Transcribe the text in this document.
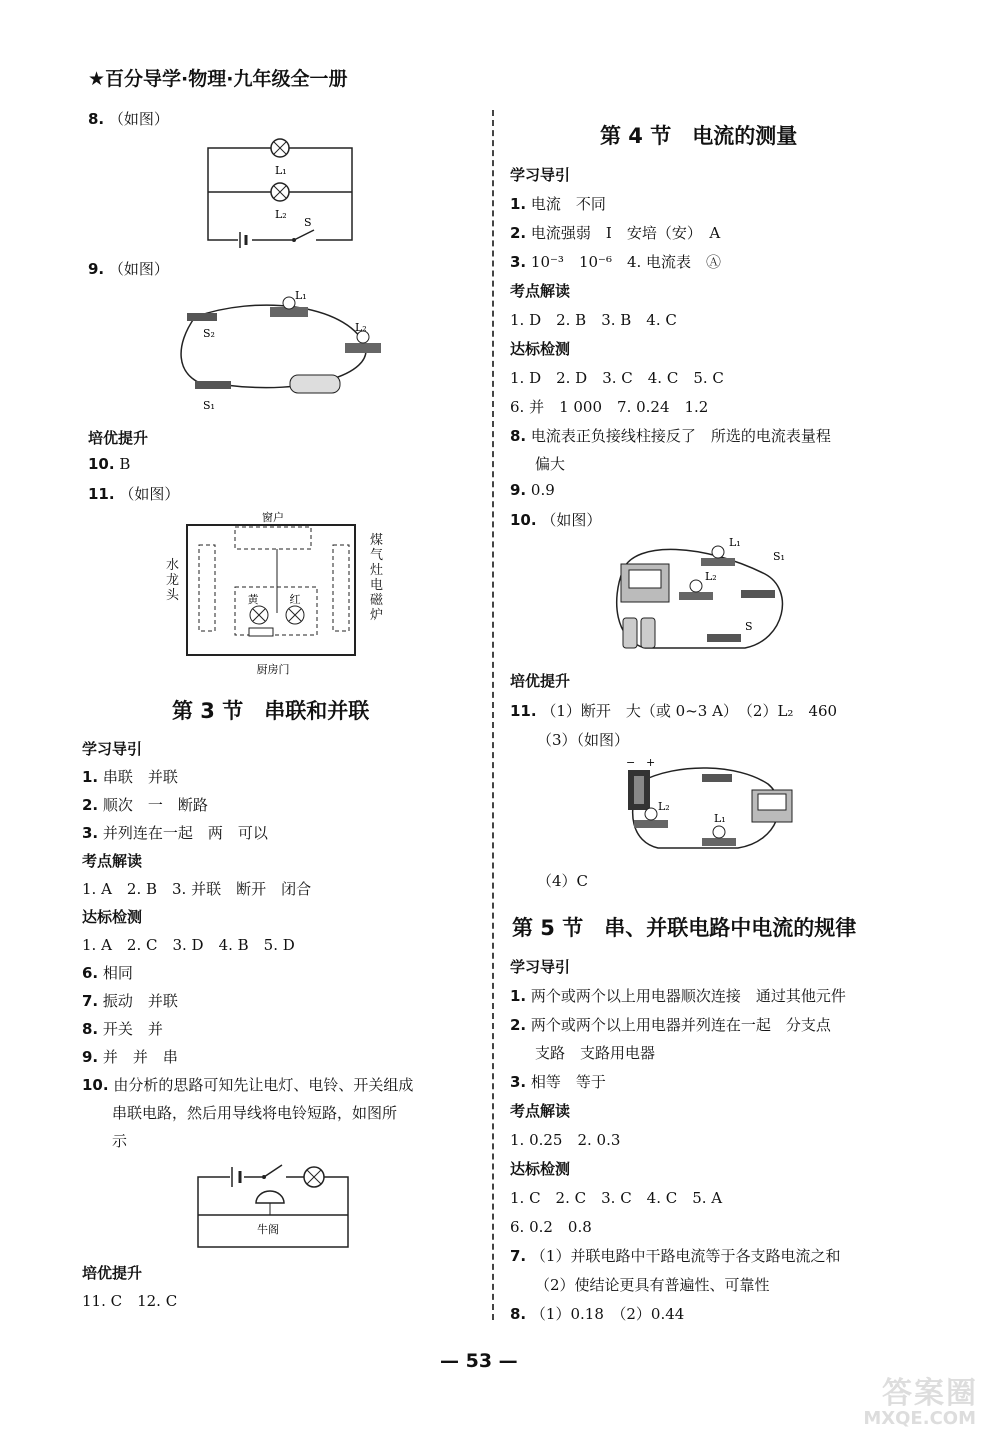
★百分导学·物理·九年级全一册
8. （如图）
L₁
L₂
S
9. （如图）
S₂
L₁
L₂
S₁
培优提升
10. B
11. （如图）
窗户
黄	红
厨房门
水龙头
煤气灶电磁炉
第 3 节　串联和并联
学习导引
1. 串联　并联
2. 顺次　一　断路
3. 并列连在一起　两　可以
考点解读
1. A　2. B　3. 并联　断开　闭合
达标检测
1. A　2. C　3. D　4. B　5. D
6. 相同
7. 振动　并联
8. 开关　并
9. 并　并　串
10. 由分析的思路可知先让电灯、电铃、开关组成
串联电路，然后用导线将电铃短路，如图所
示
牛阁
培优提升
11. C　12. C
第 4 节　电流的测量
学习导引
1. 电流　不同
2. 电流强弱　I　安培（安）　A
3. 10⁻³　10⁻⁶　4. 电流表　Ⓐ
考点解读
1. D　2. B　3. B　4. C
达标检测
1. D　2. D　3. C　4. C　5. C
6. 并　1 000　7. 0.24　1.2
8. 电流表正负接线柱接反了　所选的电流表量程
偏大
9. 0.9
10. （如图）
L₁
L₂
S₁
S
培优提升
11. （1）断开　大（或 0~3 A）　（2）L₂　460
（3）（如图）
− +
L₂
L₁
（4）C
第 5 节　串、并联电路中电流的规律
学习导引
1. 两个或两个以上用电器顺次连接　通过其他元件
2. 两个或两个以上用电器并列连在一起　分支点
支路　支路用电器
3. 相等　等于
考点解读
1. 0.25　2. 0.3
达标检测
1. C　2. C　3. C　4. C　5. A
6. 0.2　0.8
7. （1）并联电路中干路电流等于各支路电流之和
（2）使结论更具有普遍性、可靠性
8. （1）0.18　（2）0.44
— 53 —
答案圈
MXQE.COM
